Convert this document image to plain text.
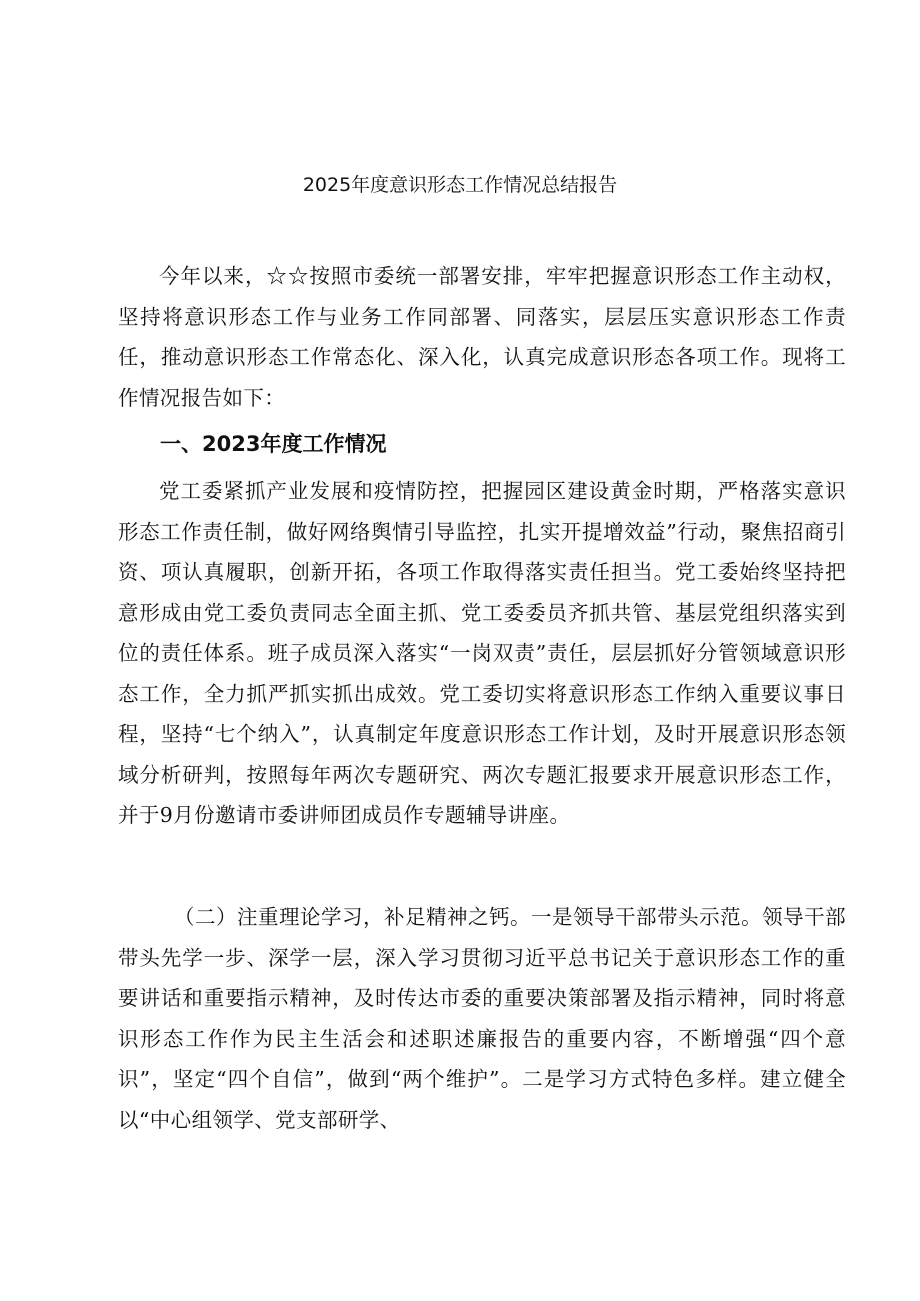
2025年度意识形态工作情况总结报告
今年以来，☆☆按照市委统一部署安排，牢牢把握意识形态工作主动权，坚持将意识形态工作与业务工作同部署、同落实，层层压实意识形态工作责任，推动意识形态工作常态化、深入化，认真完成意识形态各项工作。现将工作情况报告如下：
一、2023年度工作情况
党工委紧抓产业发展和疫情防控，把握园区建设黄金时期，严格落实意识形态工作责任制，做好网络舆情引导监控，扎实开提增效益”行动，聚焦招商引资、项认真履职，创新开拓，各项工作取得落实责任担当。党工委始终坚持把意形成由党工委负责同志全面主抓、党工委委员齐抓共管、基层党组织落实到位的责任体系。班子成员深入落实“一岗双责”责任，层层抓好分管领域意识形态工作，全力抓严抓实抓出成效。党工委切实将意识形态工作纳入重要议事日程，坚持“七个纳入”，认真制定年度意识形态工作计划，及时开展意识形态领域分析研判，按照每年两次专题研究、两次专题汇报要求开展意识形态工作，并于9月份邀请市委讲师团成员作专题辅导讲座。
（二）注重理论学习，补足精神之钙。一是领导干部带头示范。领导干部带头先学一步、深学一层，深入学习贯彻习近平总书记关于意识形态工作的重要讲话和重要指示精神，及时传达市委的重要决策部署及指示精神，同时将意识形态工作作为民主生活会和述职述廉报告的重要内容，不断增强“四个意识”，坚定“四个自信”，做到“两个维护”。二是学习方式特色多样。建立健全以“中心组领学、党支部研学、
